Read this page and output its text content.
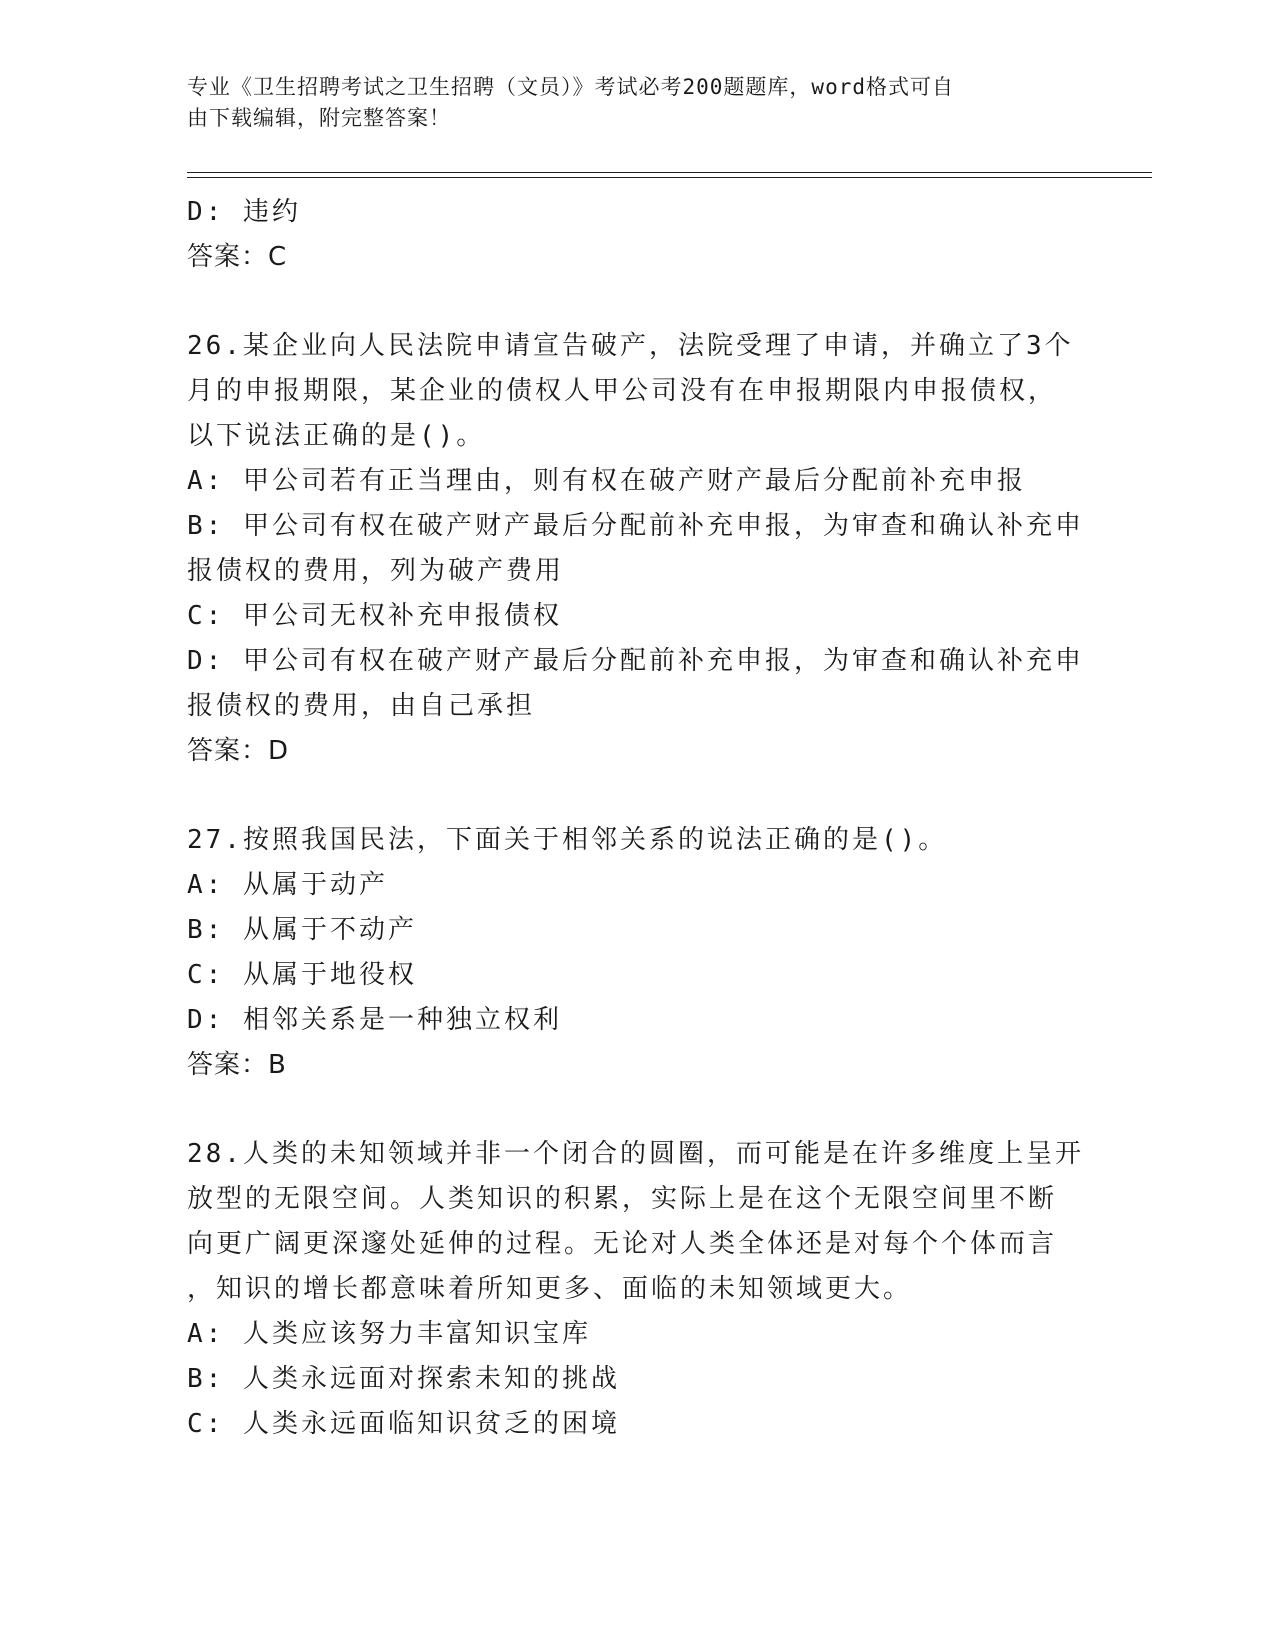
专业《卫生招聘考试之卫生招聘（文员）》考试必考200题题库，word格式可自
由下载编辑，附完整答案！
D: 违约
答案：C
26.某企业向人民法院申请宣告破产，法院受理了申请，并确立了3个
月的申报期限，某企业的债权人甲公司没有在申报期限内申报债权，
以下说法正确的是()。
A: 甲公司若有正当理由，则有权在破产财产最后分配前补充申报
B: 甲公司有权在破产财产最后分配前补充申报，为审查和确认补充申
报债权的费用，列为破产费用
C: 甲公司无权补充申报债权
D: 甲公司有权在破产财产最后分配前补充申报，为审查和确认补充申
报债权的费用，由自己承担
答案：D
27.按照我国民法，下面关于相邻关系的说法正确的是()。
A: 从属于动产
B: 从属于不动产
C: 从属于地役权
D: 相邻关系是一种独立权利
答案：B
28.人类的未知领域并非一个闭合的圆圈，而可能是在许多维度上呈开
放型的无限空间。人类知识的积累，实际上是在这个无限空间里不断
向更广阔更深邃处延伸的过程。无论对人类全体还是对每个个体而言
，知识的增长都意味着所知更多、面临的未知领域更大。
A: 人类应该努力丰富知识宝库
B: 人类永远面对探索未知的挑战
C: 人类永远面临知识贫乏的困境
